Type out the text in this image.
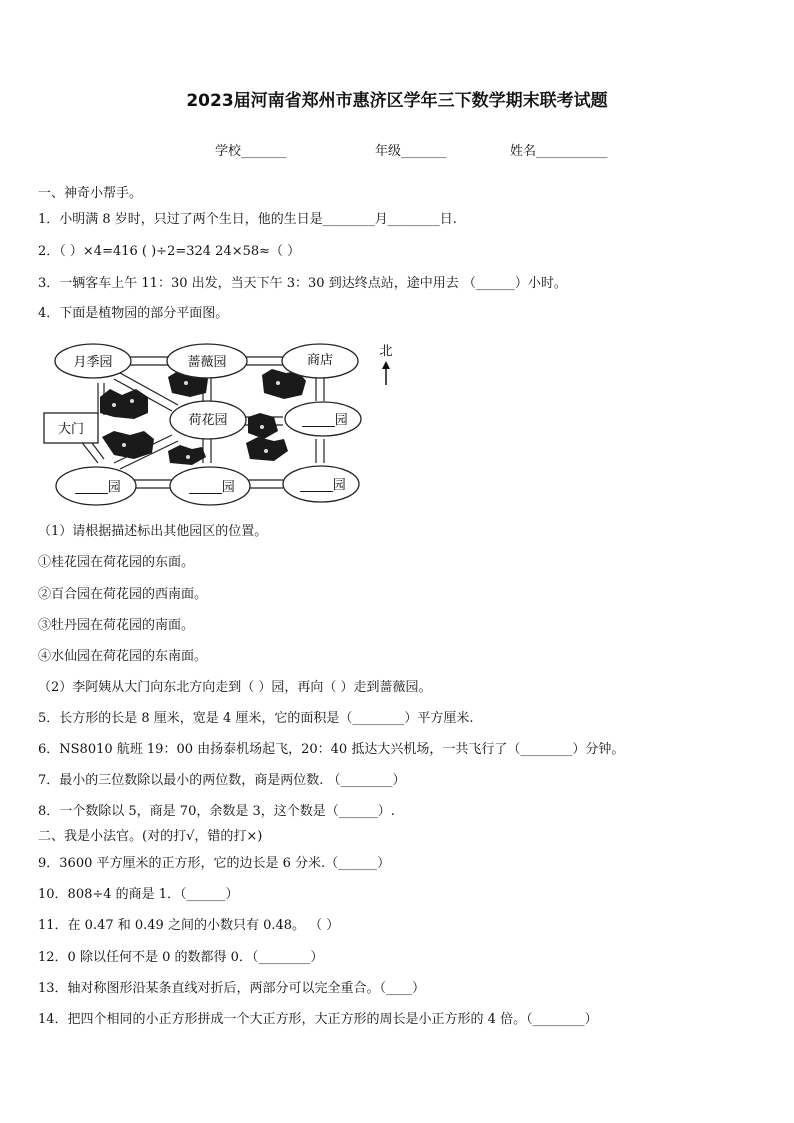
2023届河南省郑州市惠济区学年三下数学期末联考试题
学校_______	年级_______	姓名___________
一、神奇小帮手。
1．小明满 8 岁时，只过了两个生日，他的生日是________月________日.
2．（ ）×4=416 ( )÷2=324 24×58≈（ ）
3．一辆客车上午 11：30 出发，当天下午 3：30 到达终点站，途中用去 （______）小时。
4．下面是植物园的部分平面图。
月季园	蔷薇园	商店
荷花园	_____园
_____园	_____园	_____园
大门
北
（1）请根据描述标出其他园区的位置。
①桂花园在荷花园的东面。
②百合园在荷花园的西南面。
③牡丹园在荷花园的南面。
④水仙园在荷花园的东南面。
（2）李阿姨从大门向东北方向走到（ ）园，再向（ ）走到蔷薇园。
5．长方形的长是 8 厘米，宽是 4 厘米，它的面积是（________）平方厘米.
6．NS8010 航班 19：00 由扬泰机场起飞，20：40 抵达大兴机场，一共飞行了（________）分钟。
7．最小的三位数除以最小的两位数，商是两位数. （________）
8．一个数除以 5，商是 70，余数是 3，这个数是（______）.
二、我是小法官。(对的打√，错的打×)
9．3600 平方厘米的正方形，它的边长是 6 分米.（______）
10．808÷4 的商是 1．（______）
11．在 0.47 和 0.49 之间的小数只有 0.48。 （ ）
12．0 除以任何不是 0 的数都得 0．（________）
13．轴对称图形沿某条直线对折后，两部分可以完全重合。（____）
14．把四个相同的小正方形拼成一个大正方形，大正方形的周长是小正方形的 4 倍。（________）
